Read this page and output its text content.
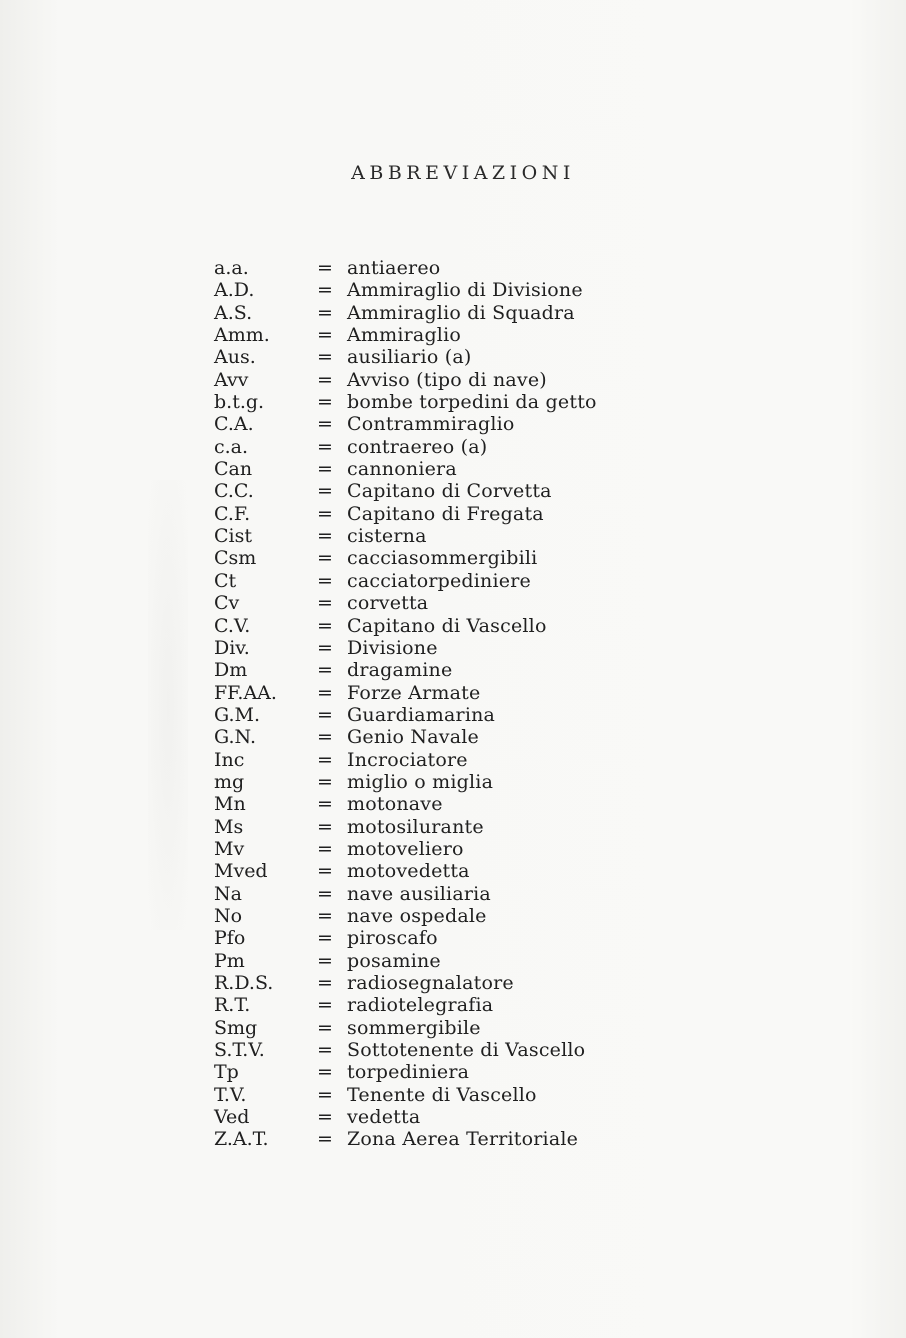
ABBREVIAZIONI
a.a.	= antiaereo
A.D.	= Ammiraglio di Divisione
A.S.	= Ammiraglio di Squadra
Amm. = Ammiraglio
Aus.	= ausiliario (a)
Avv	= Avviso (tipo di nave)
b.t.g.	= bombe torpedini da getto
C.A.	= Contrammiraglio
c.a.	= contraereo (a)
Can	= cannoniera
C.C.	= Capitano di Corvetta
C.F.	= Capitano di Fregata
Cist	= cisterna
Csm	= cacciasommergibili
Ct	= cacciatorpediniere
Cv	= corvetta
C.V.	= Capitano di Vascello
Div.	= Divisione
Dm	= dragamine
FF.AA. = Forze Armate
G.M.	= Guardiamarina
G.N.	= Genio Navale
Inc	= Incrociatore
mg	= miglio o miglia
Mn	= motonave
Ms	= motosilurante
Mv	= motoveliero
Mved	= motovedetta
Na	= nave ausiliaria
No	= nave ospedale
Pfo	= piroscafo
Pm	= posamine
R.D.S. = radiosegnalatore
R.T.	= radiotelegrafia
Smg	= sommergibile
S.T.V.	= Sottotenente di Vascello
Tp	= torpediniera
T.V.	= Tenente di Vascello
Ved	= vedetta
Z.A.T.	= Zona Aerea Territoriale
